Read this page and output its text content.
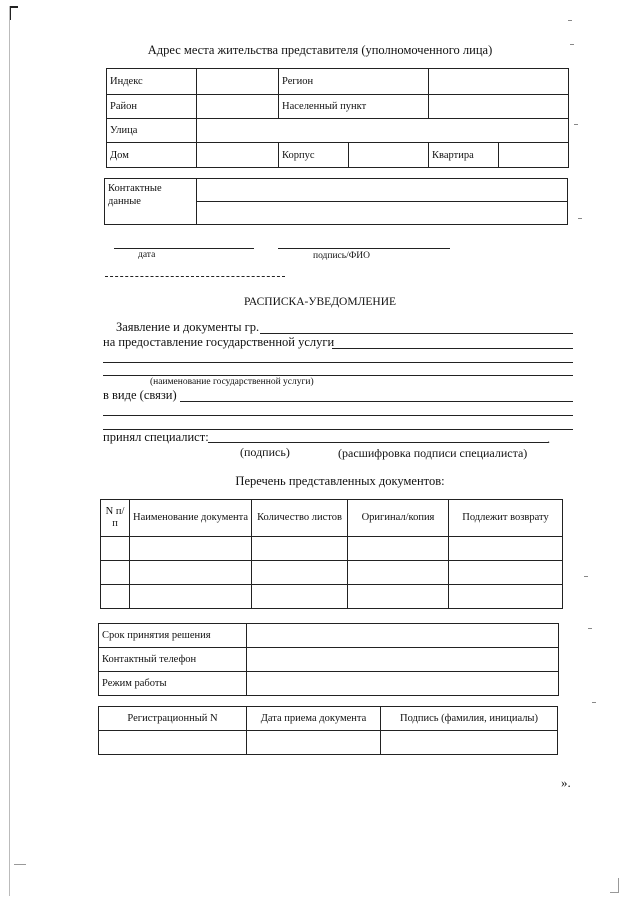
Адрес места жительства представителя (уполномоченного лица)
Индекс		Регион			
Район		Населенный пункт			
Улица					
Дом		Корпус		Квартира	
Контактные данные	

дата	подпись/ФИО
РАСПИСКА-УВЕДОМЛЕНИЕ
Заявление и документы гр.
на предоставление государственной услуги
(наименование государственной услуги)
в виде (связи)
принял специалист:	.
(подпись)	(расшифровка подписи специалиста)
Перечень представленных документов:
N п/п	Наименование документа	Количество листов	Оригинал/копия	Подлежит возврату

Срок принятия решения	
Контактный телефон	
Режим работы	
Регистрационный N	Дата приема документа	Подпись (фамилия, инициалы)

».
